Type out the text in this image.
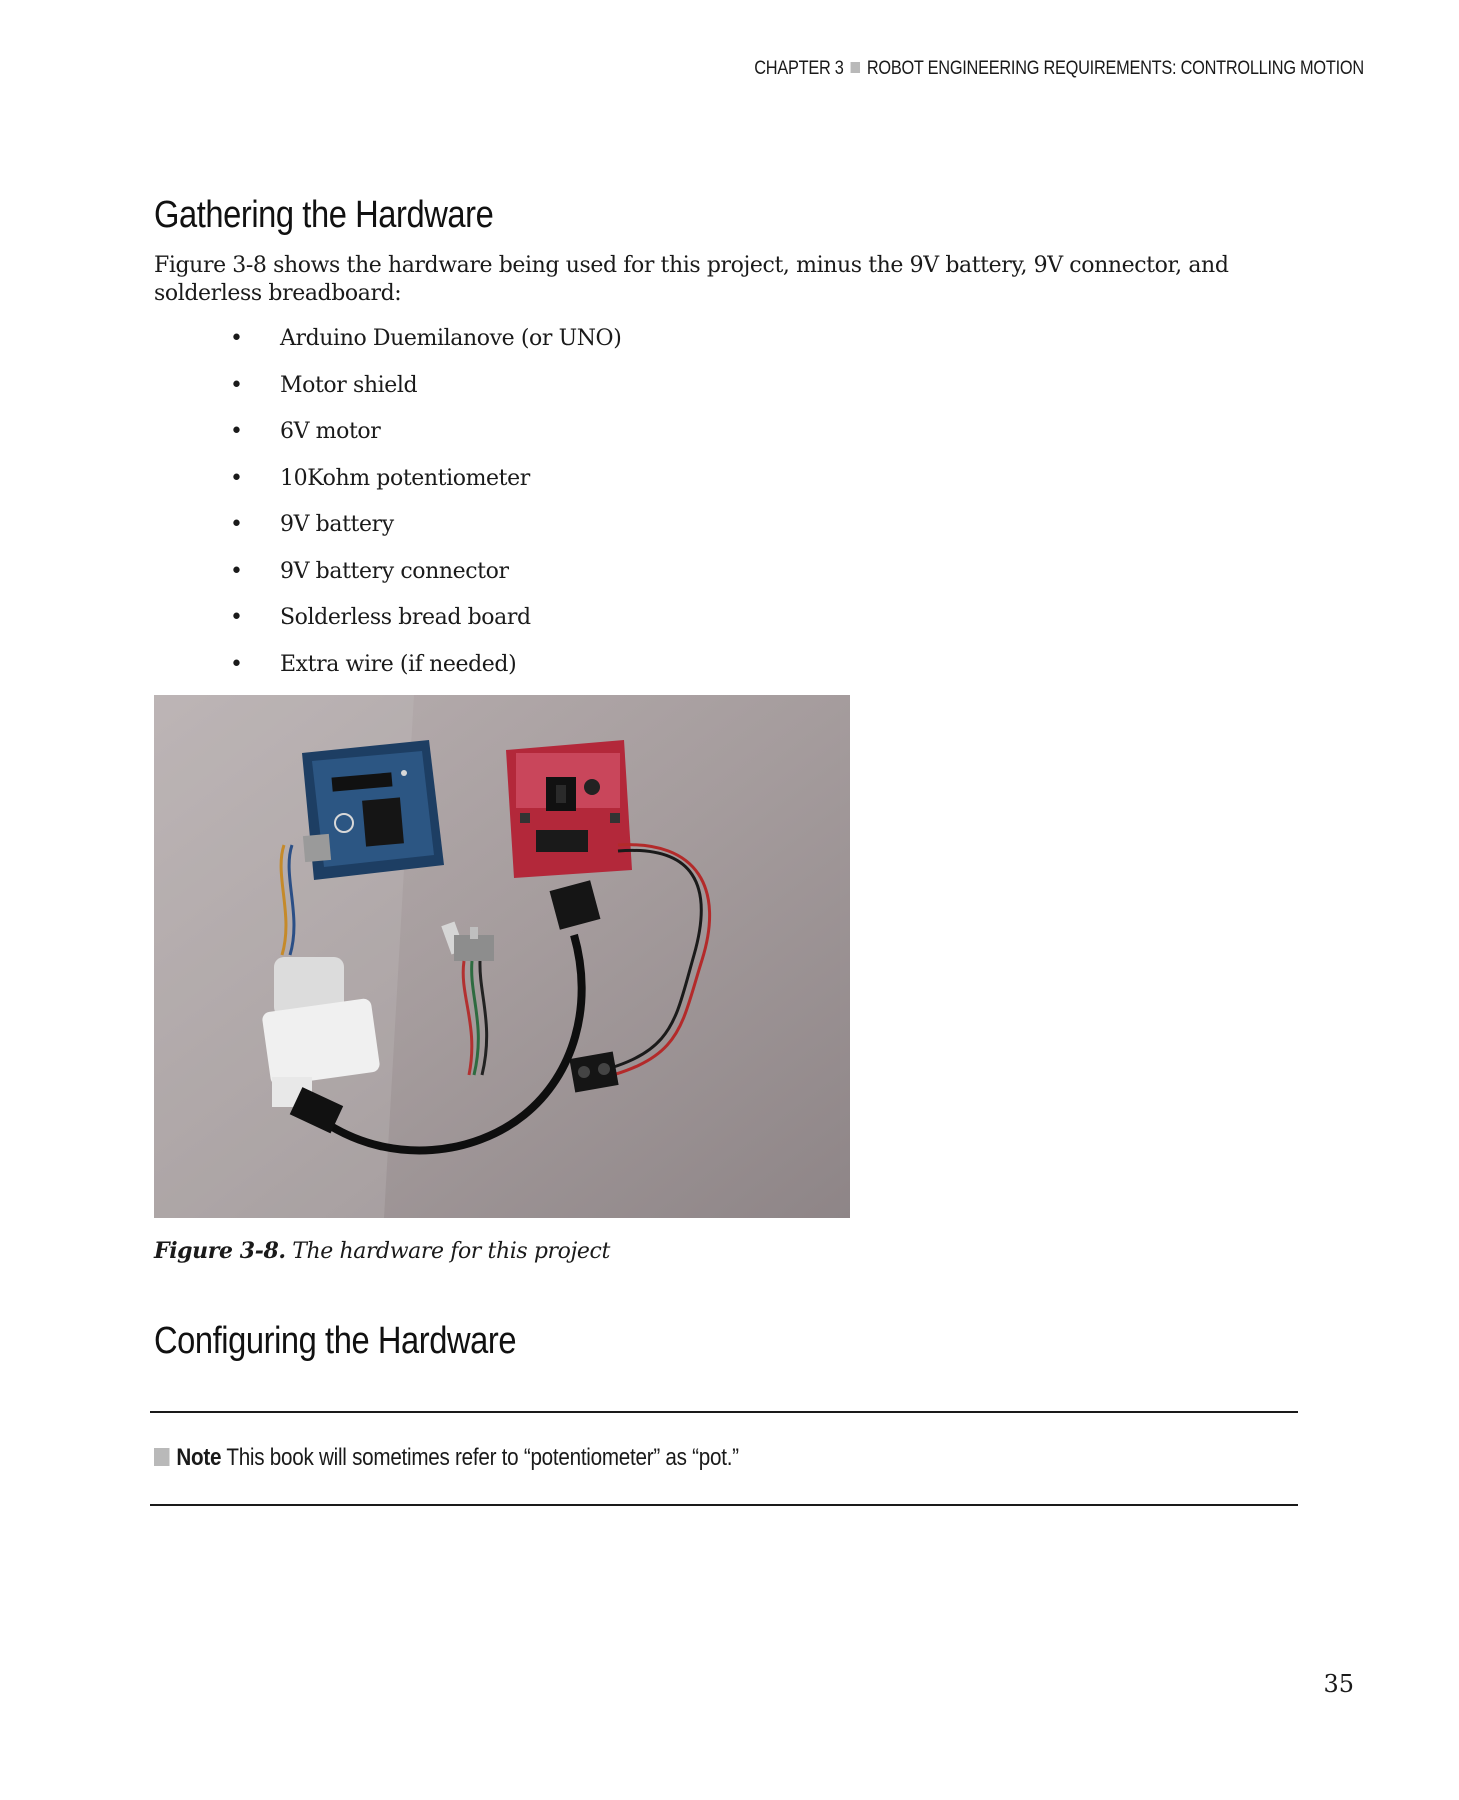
CHAPTER 3 ROBOT ENGINEERING REQUIREMENTS: CONTROLLING MOTION
Gathering the Hardware

Figure 3-8 shows the hardware being used for this project, minus the 9V battery, 9V connector, and solderless breadboard:

• Arduino Duemilanove (or UNO)
• Motor shield
• 6V motor
• 10Kohm potentiometer
• 9V battery
• 9V battery connector
• Solderless bread board
• Extra wire (if needed)
Figure 3-8. The hardware for this project
Configuring the Hardware
Note This book will sometimes refer to “potentiometer” as “pot.”
35
